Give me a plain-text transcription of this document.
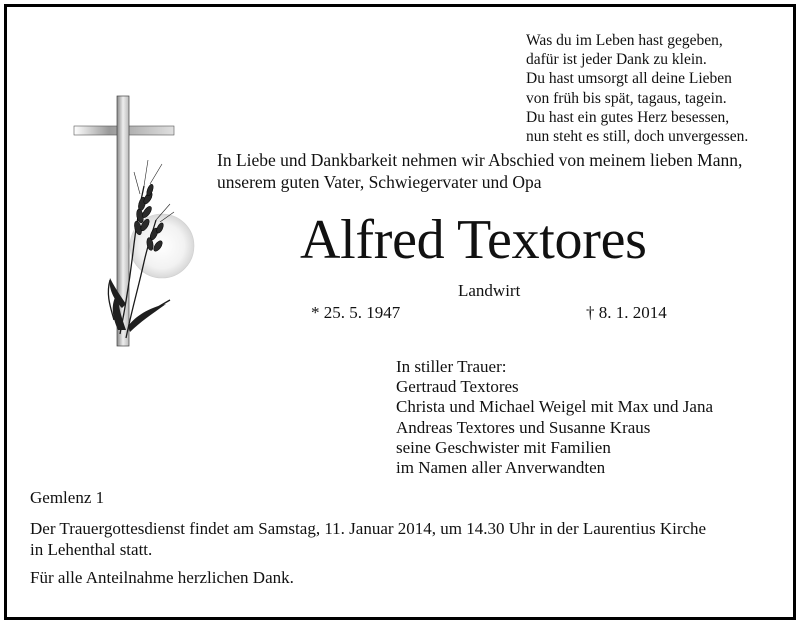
Was du im Leben hast gegeben,
dafür ist jeder Dank zu klein.
Du hast umsorgt all deine Lieben
von früh bis spät, tagaus, tagein.
Du hast ein gutes Herz besessen,
nun steht es still, doch unvergessen.
In Liebe und Dankbarkeit nehmen wir Abschied von meinem lieben Mann,
unserem guten Vater, Schwiegervater und Opa
Alfred Textores
Landwirt
* 25. 5. 1947	† 8. 1. 2014
In stiller Trauer:
Gertraud Textores
Christa und Michael Weigel mit Max und Jana
Andreas Textores und Susanne Kraus
seine Geschwister mit Familien
im Namen aller Anverwandten
Gemlenz 1
Der Trauergottesdienst findet am Samstag, 11. Januar 2014, um 14.30 Uhr in der Laurentius Kirche
in Lehenthal statt.
Für alle Anteilnahme herzlichen Dank.
